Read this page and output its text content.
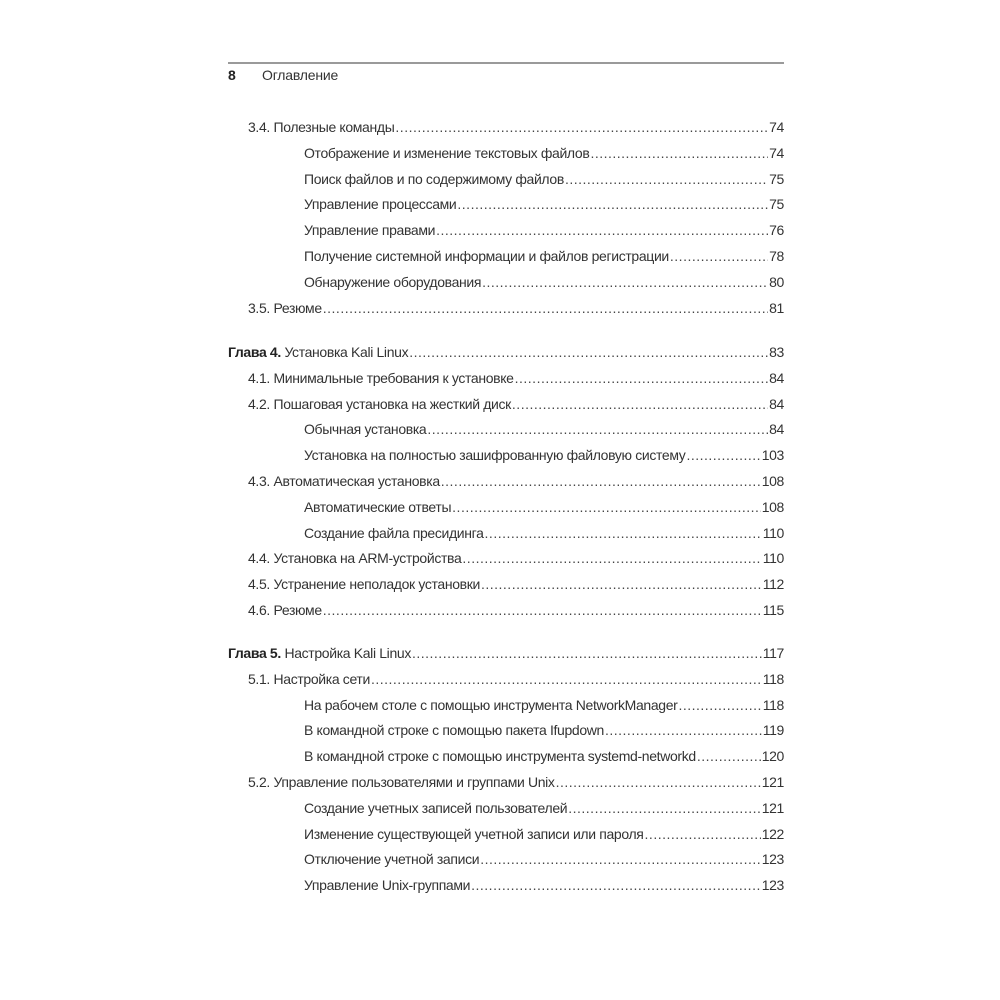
8 Оглавление
3.4. Полезные команды .....	74
Отображение и изменение текстовых файлов .....	74
Поиск файлов и по содержимому файлов .....	75
Управление процессами .....	75
Управление правами .....	76
Получение системной информации и файлов регистрации .....	78
Обнаружение оборудования .....	80
3.5. Резюме .....	81
Глава 4. Установка Kali Linux .....	83
4.1. Минимальные требования к установке .....	84
4.2. Пошаговая установка на жесткий диск .....	84
Обычная установка .....	84
Установка на полностью зашифрованную файловую систему .....	103
4.3. Автоматическая установка .....	108
Автоматические ответы .....	108
Создание файла пресидинга .....	110
4.4. Установка на ARM-устройства .....	110
4.5. Устранение неполадок установки .....	112
4.6. Резюме .....	115
Глава 5. Настройка Kali Linux .....	117
5.1. Настройка сети .....	118
На рабочем столе с помощью инструмента NetworkManager .....	118
В командной строке с помощью пакета Ifupdown .....	119
В командной строке с помощью инструмента systemd-networkd .....	120
5.2. Управление пользователями и группами Unix .....	121
Создание учетных записей пользователей .....	121
Изменение существующей учетной записи или пароля .....	122
Отключение учетной записи .....	123
Управление Unix-группами .....	123
